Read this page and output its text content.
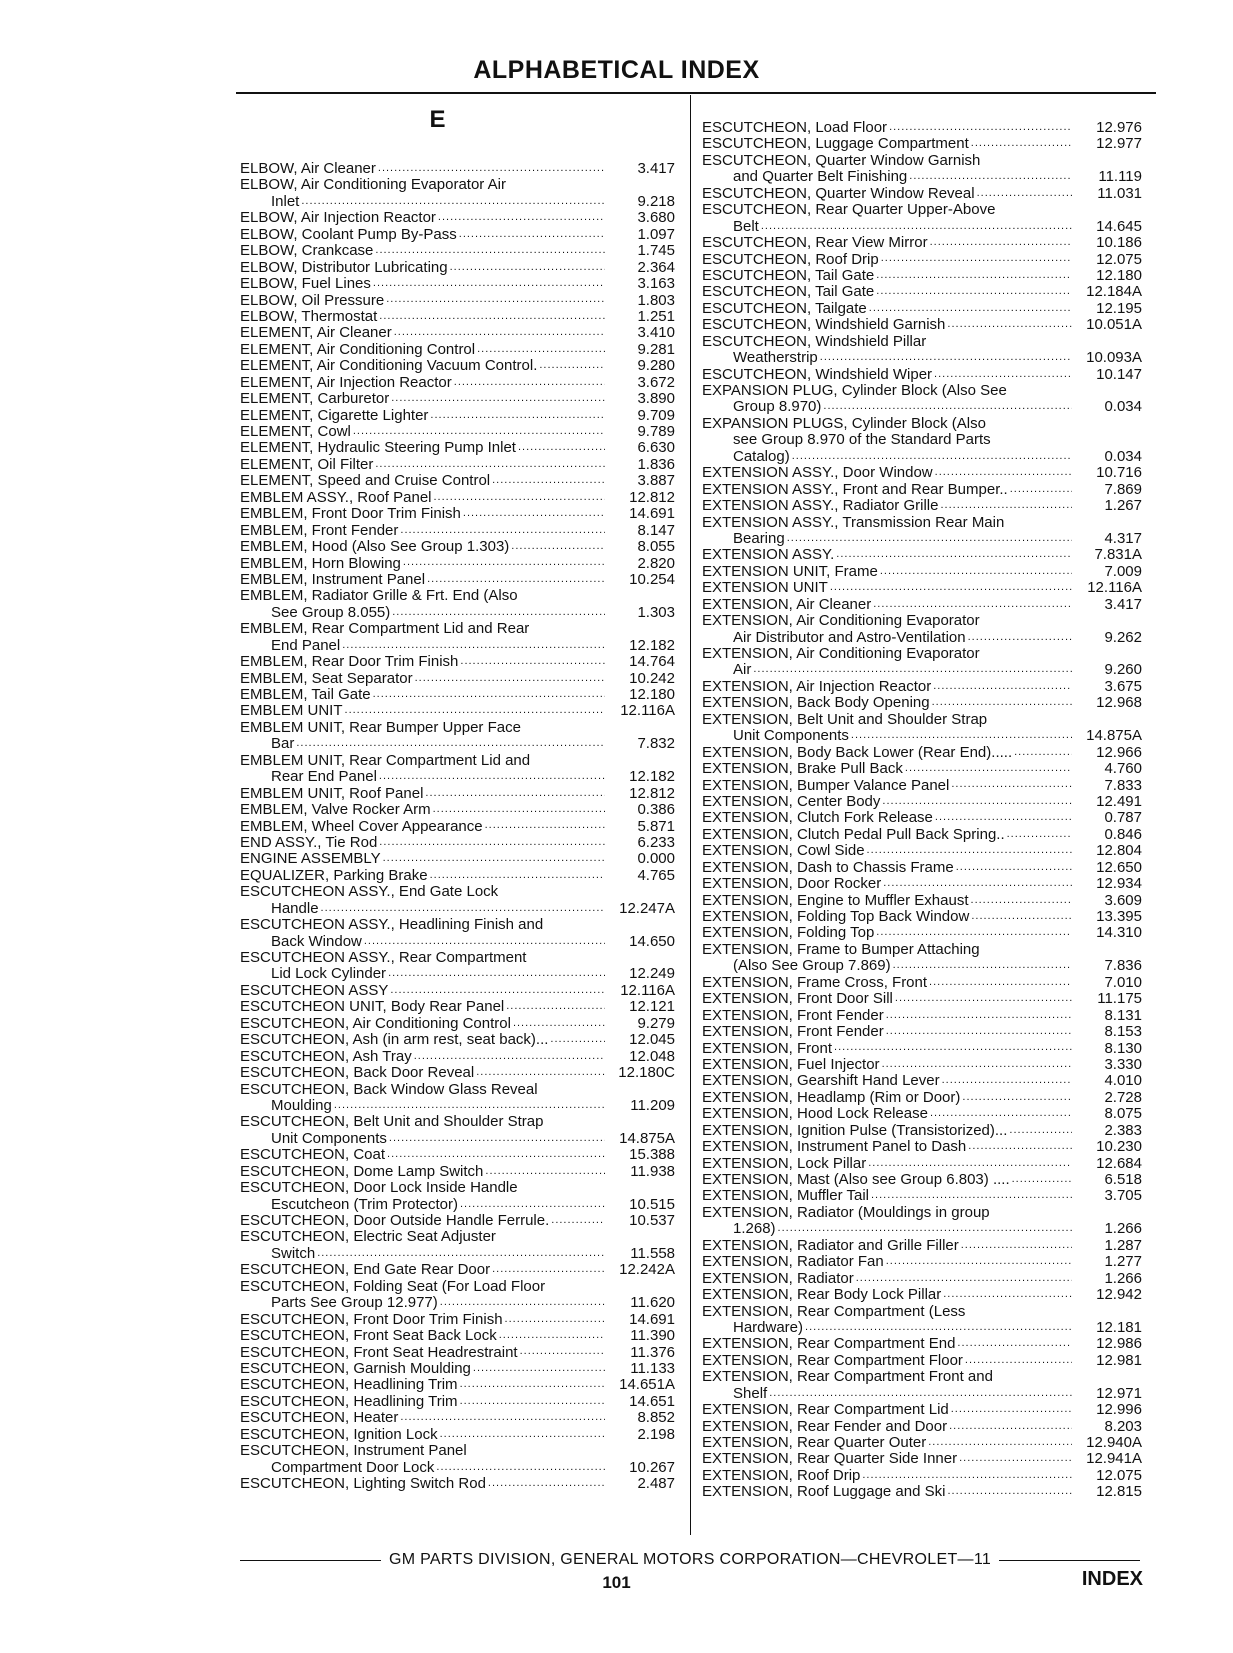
ALPHABETICAL INDEX
E
ELBOW, Air Cleaner .....	3.417
ELBOW, Air Conditioning Evaporator Air
Inlet .....	9.218
ELBOW, Air Injection Reactor .....	3.680
ELBOW, Coolant Pump By-Pass .....	1.097
ELBOW, Crankcase .....	1.745
ELBOW, Distributor Lubricating .....	2.364
ELBOW, Fuel Lines .....	3.163
ELBOW, Oil Pressure .....	1.803
ELBOW, Thermostat .....	1.251
ELEMENT, Air Cleaner .....	3.410
ELEMENT, Air Conditioning Control .....	9.281
ELEMENT, Air Conditioning Vacuum Control. .....	9.280
ELEMENT, Air Injection Reactor .....	3.672
ELEMENT, Carburetor .....	3.890
ELEMENT, Cigarette Lighter .....	9.709
ELEMENT, Cowl .....	9.789
ELEMENT, Hydraulic Steering Pump Inlet .....	6.630
ELEMENT, Oil Filter .....	1.836
ELEMENT, Speed and Cruise Control .....	3.887
EMBLEM ASSY., Roof Panel .....	12.812
EMBLEM, Front Door Trim Finish .....	14.691
EMBLEM, Front Fender .....	8.147
EMBLEM, Hood (Also See Group 1.303) .....	8.055
EMBLEM, Horn Blowing .....	2.820
EMBLEM, Instrument Panel .....	10.254
EMBLEM, Radiator Grille & Frt. End (Also
See Group 8.055) .....	1.303
EMBLEM, Rear Compartment Lid and Rear
End Panel .....	12.182
EMBLEM, Rear Door Trim Finish .....	14.764
EMBLEM, Seat Separator .....	10.242
EMBLEM, Tail Gate .....	12.180
EMBLEM UNIT .....	12.116A
EMBLEM UNIT, Rear Bumper Upper Face
Bar .....	7.832
EMBLEM UNIT, Rear Compartment Lid and
Rear End Panel .....	12.182
EMBLEM UNIT, Roof Panel .....	12.812
EMBLEM, Valve Rocker Arm .....	0.386
EMBLEM, Wheel Cover Appearance .....	5.871
END ASSY., Tie Rod .....	6.233
ENGINE ASSEMBLY .....	0.000
EQUALIZER, Parking Brake .....	4.765
ESCUTCHEON ASSY., End Gate Lock
Handle .....	12.247A
ESCUTCHEON ASSY., Headlining Finish and
Back Window .....	14.650
ESCUTCHEON ASSY., Rear Compartment
Lid Lock Cylinder .....	12.249
ESCUTCHEON ASSY .....	12.116A
ESCUTCHEON UNIT, Body Rear Panel .....	12.121
ESCUTCHEON, Air Conditioning Control .....	9.279
ESCUTCHEON, Ash (in arm rest, seat back)... .....	12.045
ESCUTCHEON, Ash Tray .....	12.048
ESCUTCHEON, Back Door Reveal .....	12.180C
ESCUTCHEON, Back Window Glass Reveal
Moulding .....	11.209
ESCUTCHEON, Belt Unit and Shoulder Strap
Unit Components .....	14.875A
ESCUTCHEON, Coat .....	15.388
ESCUTCHEON, Dome Lamp Switch .....	11.938
ESCUTCHEON, Door Lock Inside Handle
Escutcheon (Trim Protector) .....	10.515
ESCUTCHEON, Door Outside Handle Ferrule. .....	10.537
ESCUTCHEON, Electric Seat Adjuster
Switch .....	11.558
ESCUTCHEON, End Gate Rear Door .....	12.242A
ESCUTCHEON, Folding Seat (For Load Floor
Parts See Group 12.977) .....	11.620
ESCUTCHEON, Front Door Trim Finish .....	14.691
ESCUTCHEON, Front Seat Back Lock .....	11.390
ESCUTCHEON, Front Seat Headrestraint .....	11.376
ESCUTCHEON, Garnish Moulding .....	11.133
ESCUTCHEON, Headlining Trim .....	14.651A
ESCUTCHEON, Headlining Trim .....	14.651
ESCUTCHEON, Heater .....	8.852
ESCUTCHEON, Ignition Lock .....	2.198
ESCUTCHEON, Instrument Panel
Compartment Door Lock .....	10.267
ESCUTCHEON, Lighting Switch Rod .....	2.487
ESCUTCHEON, Load Floor .....	12.976
ESCUTCHEON, Luggage Compartment .....	12.977
ESCUTCHEON, Quarter Window Garnish
and Quarter Belt Finishing .....	11.119
ESCUTCHEON, Quarter Window Reveal .....	11.031
ESCUTCHEON, Rear Quarter Upper-Above
Belt .....	14.645
ESCUTCHEON, Rear View Mirror .....	10.186
ESCUTCHEON, Roof Drip .....	12.075
ESCUTCHEON, Tail Gate .....	12.180
ESCUTCHEON, Tail Gate .....	12.184A
ESCUTCHEON, Tailgate .....	12.195
ESCUTCHEON, Windshield Garnish .....	10.051A
ESCUTCHEON, Windshield Pillar
Weatherstrip .....	10.093A
ESCUTCHEON, Windshield Wiper .....	10.147
EXPANSION PLUG, Cylinder Block (Also See
Group 8.970) .....	0.034
EXPANSION PLUGS, Cylinder Block (Also
see Group 8.970 of the Standard Parts
Catalog) .....	0.034
EXTENSION ASSY., Door Window .....	10.716
EXTENSION ASSY., Front and Rear Bumper.. .....	7.869
EXTENSION ASSY., Radiator Grille .....	1.267
EXTENSION ASSY., Transmission Rear Main
Bearing .....	4.317
EXTENSION ASSY. .....	7.831A
EXTENSION UNIT, Frame .....	7.009
EXTENSION UNIT .....	12.116A
EXTENSION, Air Cleaner .....	3.417
EXTENSION, Air Conditioning Evaporator
Air Distributor and Astro-Ventilation .....	9.262
EXTENSION, Air Conditioning Evaporator
Air .....	9.260
EXTENSION, Air Injection Reactor .....	3.675
EXTENSION, Back Body Opening .....	12.968
EXTENSION, Belt Unit and Shoulder Strap
Unit Components .....	14.875A
EXTENSION, Body Back Lower (Rear End)..... .....	12.966
EXTENSION, Brake Pull Back .....	4.760
EXTENSION, Bumper Valance Panel .....	7.833
EXTENSION, Center Body .....	12.491
EXTENSION, Clutch Fork Release .....	0.787
EXTENSION, Clutch Pedal Pull Back Spring.. .....	0.846
EXTENSION, Cowl Side .....	12.804
EXTENSION, Dash to Chassis Frame .....	12.650
EXTENSION, Door Rocker .....	12.934
EXTENSION, Engine to Muffler Exhaust .....	3.609
EXTENSION, Folding Top Back Window .....	13.395
EXTENSION, Folding Top .....	14.310
EXTENSION, Frame to Bumper Attaching
(Also See Group 7.869) .....	7.836
EXTENSION, Frame Cross, Front .....	7.010
EXTENSION, Front Door Sill .....	11.175
EXTENSION, Front Fender .....	8.131
EXTENSION, Front Fender .....	8.153
EXTENSION, Front .....	8.130
EXTENSION, Fuel Injector .....	3.330
EXTENSION, Gearshift Hand Lever .....	4.010
EXTENSION, Headlamp (Rim or Door) .....	2.728
EXTENSION, Hood Lock Release .....	8.075
EXTENSION, Ignition Pulse (Transistorized)... .....	2.383
EXTENSION, Instrument Panel to Dash .....	10.230
EXTENSION, Lock Pillar .....	12.684
EXTENSION, Mast (Also see Group 6.803) .... .....	6.518
EXTENSION, Muffler Tail .....	3.705
EXTENSION, Radiator (Mouldings in group
1.268) .....	1.266
EXTENSION, Radiator and Grille Filler .....	1.287
EXTENSION, Radiator Fan .....	1.277
EXTENSION, Radiator .....	1.266
EXTENSION, Rear Body Lock Pillar .....	12.942
EXTENSION, Rear Compartment (Less
Hardware) .....	12.181
EXTENSION, Rear Compartment End .....	12.986
EXTENSION, Rear Compartment Floor .....	12.981
EXTENSION, Rear Compartment Front and
Shelf .....	12.971
EXTENSION, Rear Compartment Lid .....	12.996
EXTENSION, Rear Fender and Door .....	8.203
EXTENSION, Rear Quarter Outer .....	12.940A
EXTENSION, Rear Quarter Side Inner .....	12.941A
EXTENSION, Roof Drip .....	12.075
EXTENSION, Roof Luggage and Ski .....	12.815
GM PARTS DIVISION, GENERAL MOTORS CORPORATION—CHEVROLET—11
101	INDEX
